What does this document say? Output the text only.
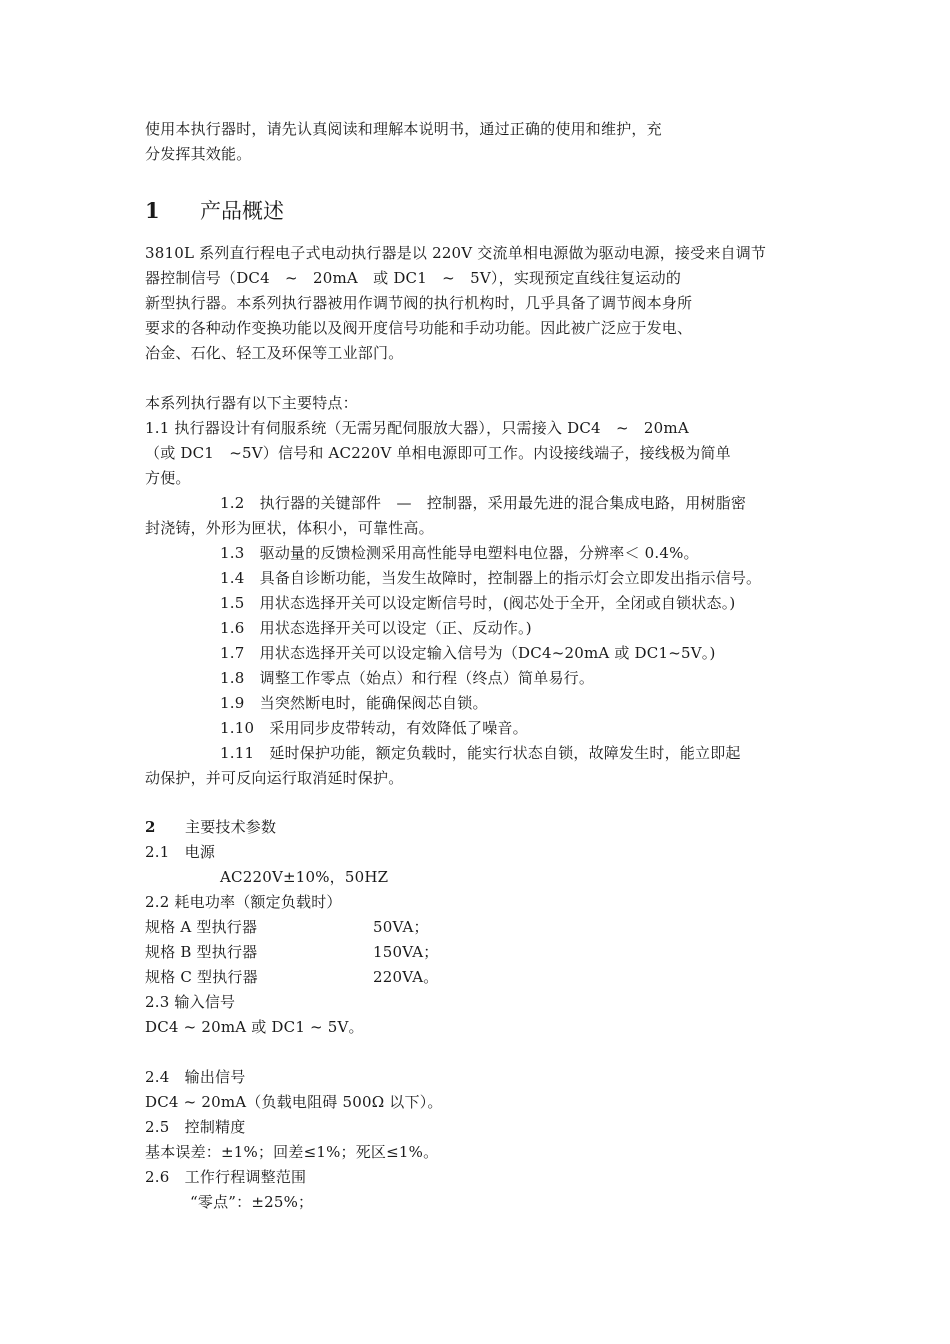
使用本执行器时，请先认真阅读和理解本说明书，通过正确的使用和维护，充
分发挥其效能。
1 产品概述
3810L 系列直行程电子式电动执行器是以 220V 交流单相电源做为驱动电源，接受来自调节
器控制信号（DC4　~　20mA　或 DC1　~　5V），实现预定直线往复运动的
新型执行器。本系列执行器被用作调节阀的执行机构时，几乎具备了调节阀本身所
要求的各种动作变换功能以及阀开度信号功能和手动功能。因此被广泛应于发电、
冶金、石化、轻工及环保等工业部门。
本系列执行器有以下主要特点：
1.1 执行器设计有伺服系统（无需另配伺服放大器），只需接入 DC4　~　20mA
（或 DC1　~5V）信号和 AC220V 单相电源即可工作。内设接线端子，接线极为简单
方便。
1.2　执行器的关键部件　—　控制器，采用最先进的混合集成电路，用树脂密
封浇铸，外形为匣状，体积小，可靠性高。
1.3　驱动量的反馈检测采用高性能导电塑料电位器，分辨率＜ 0.4%。
1.4　具备自诊断功能，当发生故障时，控制器上的指示灯会立即发出指示信号。
1.5　用状态选择开关可以设定断信号时，(阀芯处于全开，全闭或自锁状态。)
1.6　用状态选择开关可以设定（正、反动作。)
1.7　用状态选择开关可以设定输入信号为（DC4~20mA 或 DC1~5V。)
1.8　调整工作零点（始点）和行程（终点）简单易行。
1.9　当突然断电时，能确保阀芯自锁。
1.10　采用同步皮带转动，有效降低了噪音。
1.11　延时保护功能，额定负载时，能实行状态自锁，故障发生时，能立即起
动保护，并可反向运行取消延时保护。
2 主要技术参数
2.1　电源
AC220V±10%，50HZ
2.2 耗电功率（额定负载时）
规格 A 型执行器	50VA；
规格 B 型执行器	150VA；
规格 C 型执行器	220VA。
2.3 输入信号
DC4 ~ 20mA 或 DC1 ~ 5V。
2.4　输出信号
DC4 ~ 20mA（负载电阻碍 500Ω 以下）。
2.5　控制精度
基本误差：±1%；回差≤1%；死区≤1%。
2.6　工作行程调整范围
“零点”：±25%；
